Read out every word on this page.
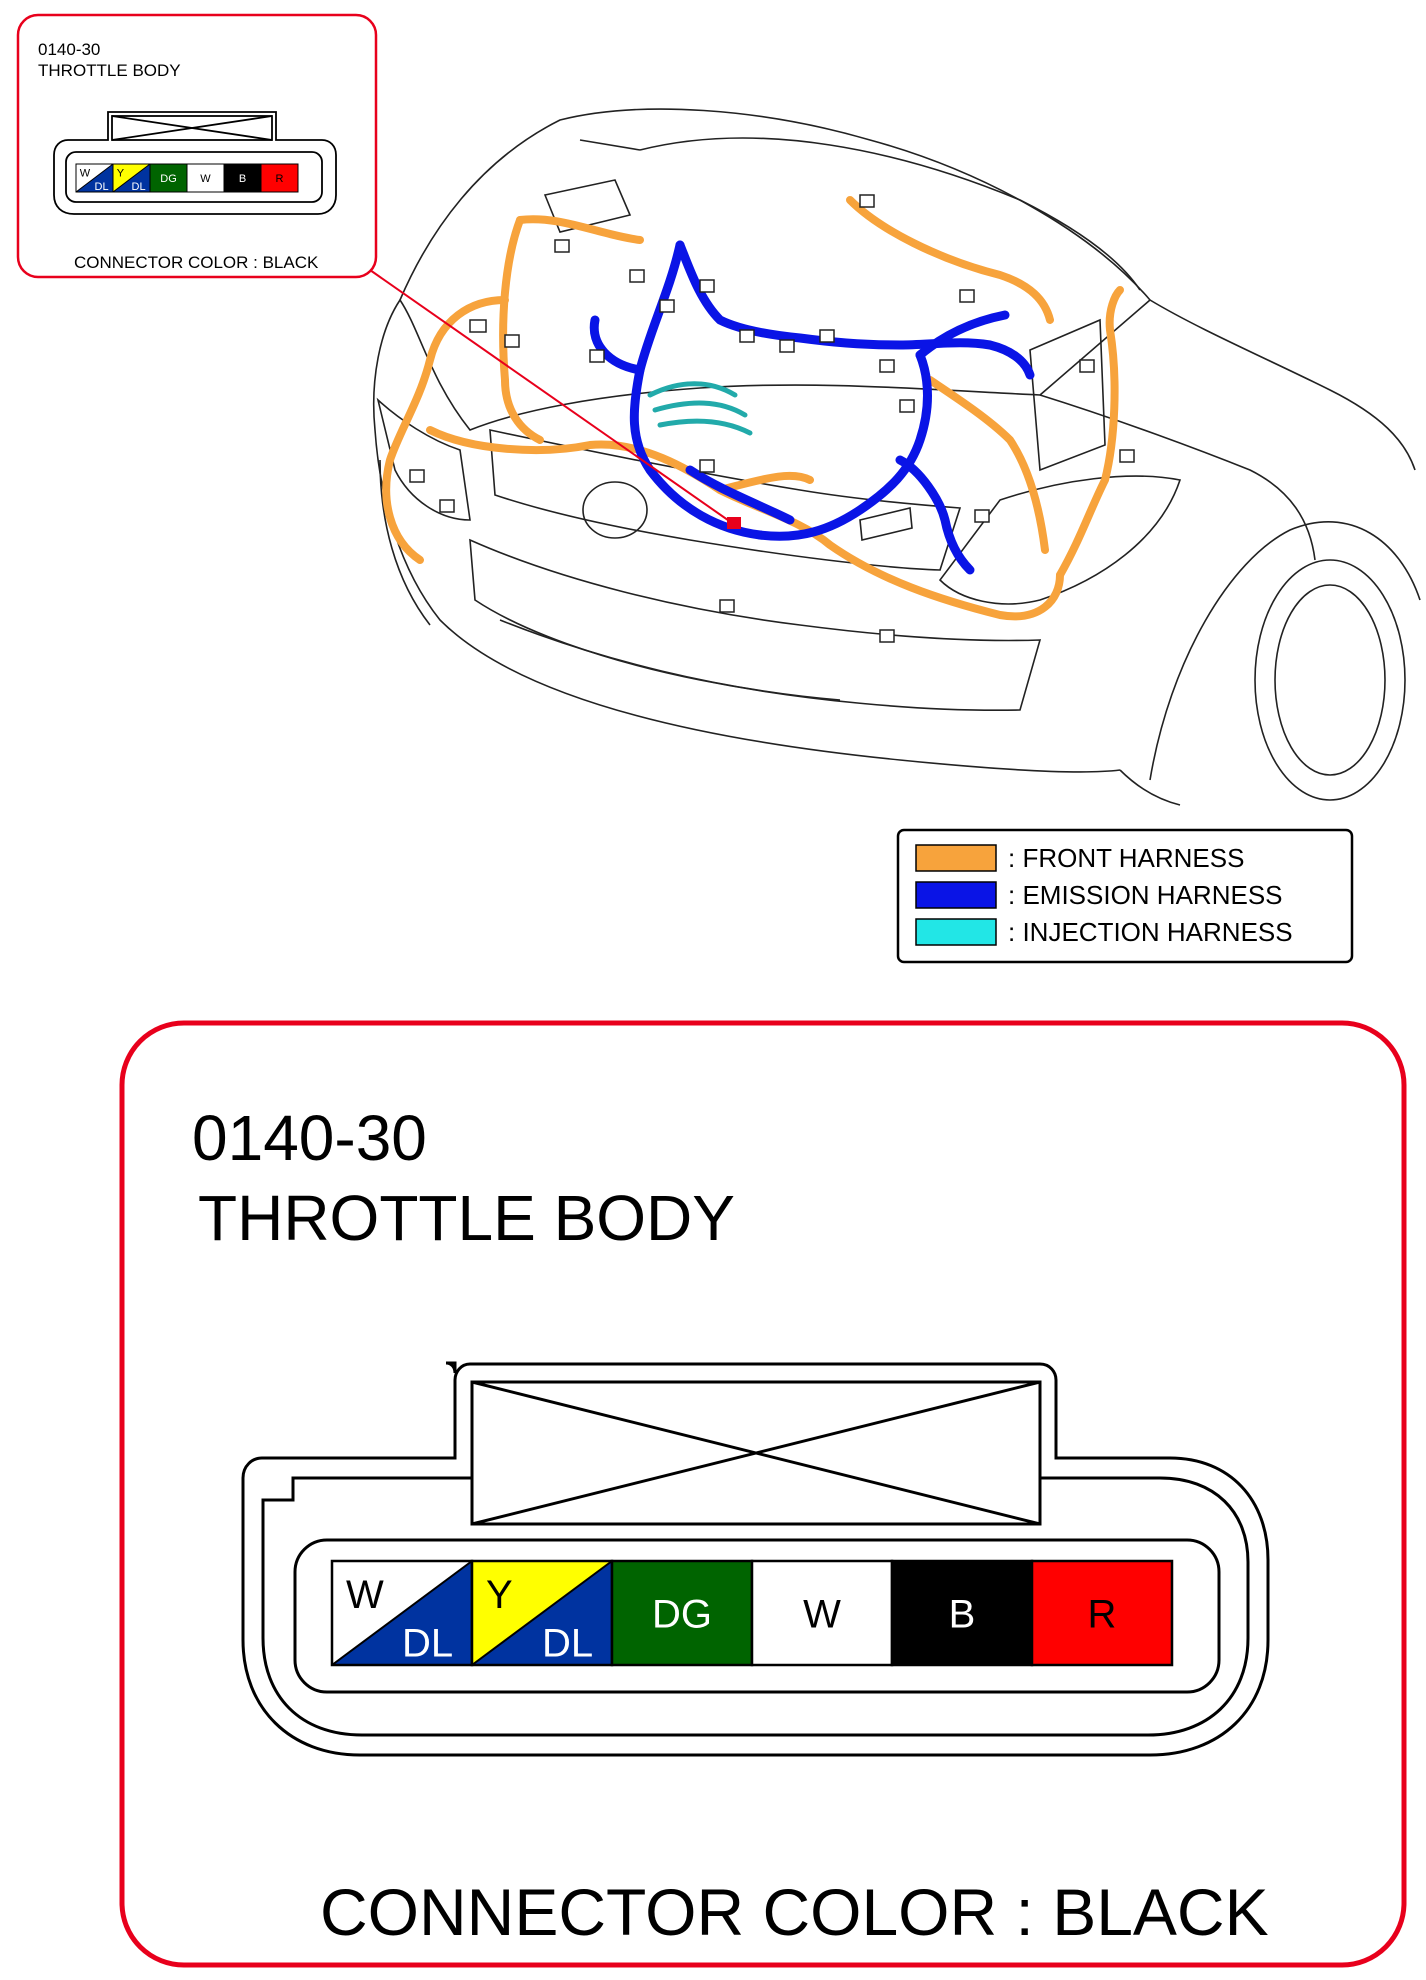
0140-30
THROTTLE BODY
W
DL
Y
DL
DG W	B	R
CONNECTOR COLOR : BLACK
: FRONT HARNESS
: EMISSION HARNESS
: INJECTION HARNESS
0140-30
THROTTLE BODY
W
DL
Y
DL
DG W	B	R
CONNECTOR COLOR : BLACK
